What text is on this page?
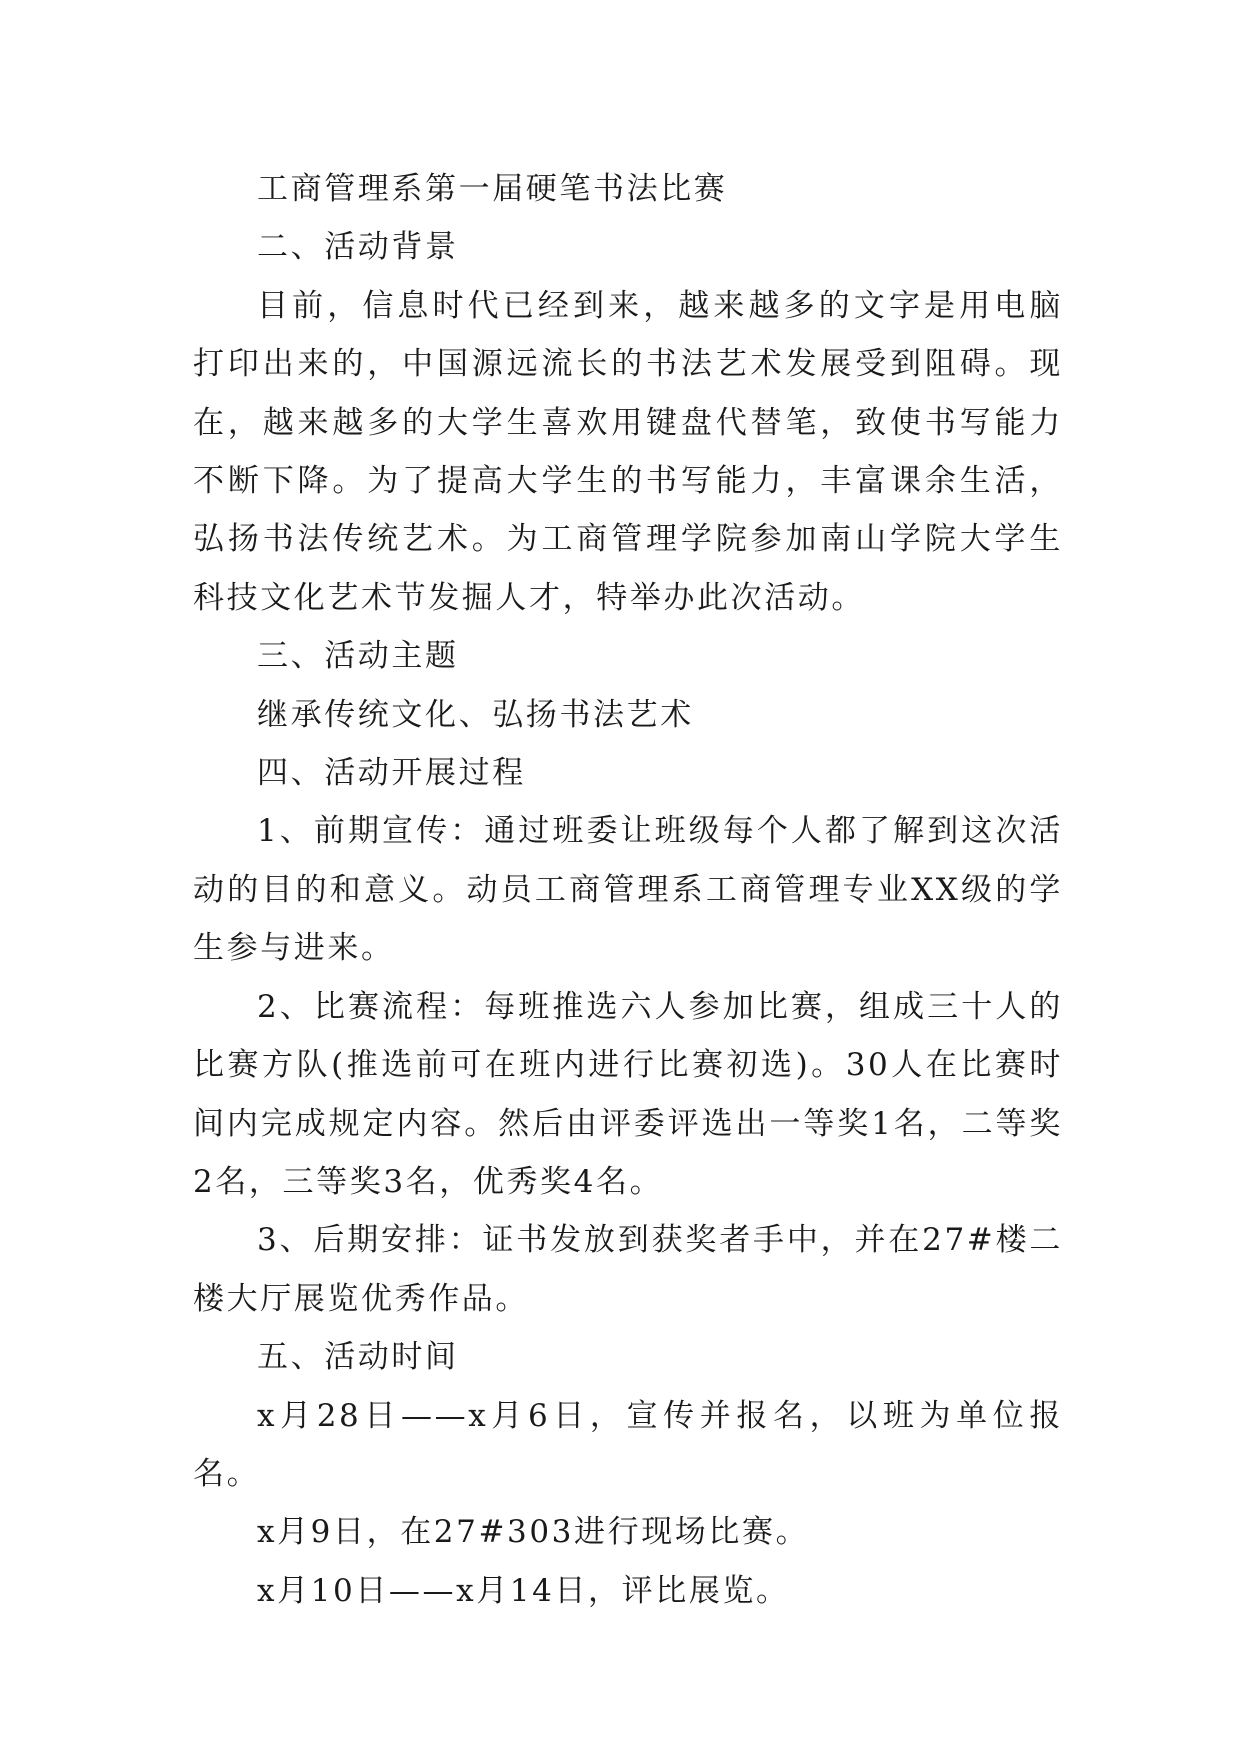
工商管理系第一届硬笔书法比赛

二、活动背景

目前，信息时代已经到来，越来越多的文字是用电脑打印出来的，中国源远流长的书法艺术发展受到阻碍。现在，越来越多的大学生喜欢用键盘代替笔，致使书写能力不断下降。为了提高大学生的书写能力，丰富课余生活，弘扬书法传统艺术。为工商管理学院参加南山学院大学生科技文化艺术节发掘人才，特举办此次活动。

三、活动主题

继承传统文化、弘扬书法艺术

四、活动开展过程

1、前期宣传：通过班委让班级每个人都了解到这次活动的目的和意义。动员工商管理系工商管理专业XX级的学生参与进来。

2、比赛流程：每班推选六人参加比赛，组成三十人的比赛方队(推选前可在班内进行比赛初选)。30人在比赛时间内完成规定内容。然后由评委评选出一等奖1名，二等奖2名，三等奖3名，优秀奖4名。

3、后期安排：证书发放到获奖者手中，并在27#楼二楼大厅展览优秀作品。

五、活动时间

x月28日——x月6日，宣传并报名，以班为单位报名。

x月9日，在27#303进行现场比赛。

x月10日——x月14日，评比展览。
